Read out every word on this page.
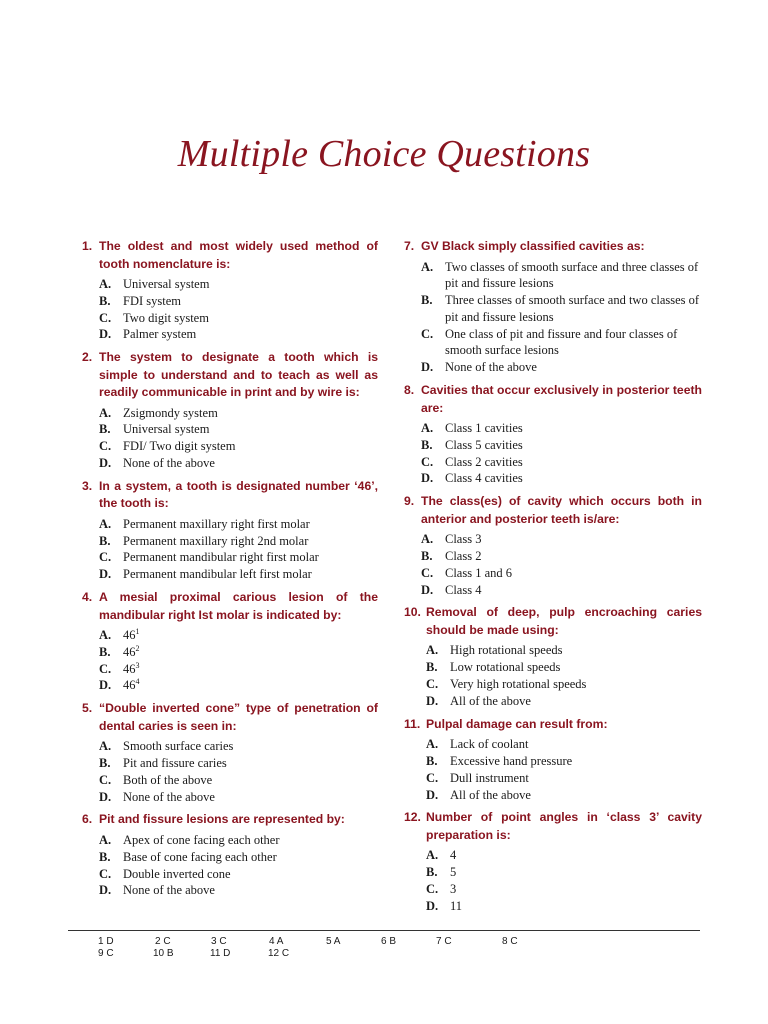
Multiple Choice Questions
1. The oldest and most widely used method of tooth nomenclature is:
A. Universal system
B.	FDI system
C. Two digit system
D. Palmer system
2. The system to designate a tooth which is simple to understand and to teach as well as readily communicable in print and by wire is:
A. Zsigmondy system
B.	Universal system
C. FDI/ Two digit system
D. None of the above
3. In a system, a tooth is designated number ‘46’, the tooth is:
A. Permanent maxillary right first molar
B.	Permanent maxillary right 2nd molar
C. Permanent mandibular right first molar
D. Permanent mandibular left first molar
4. A mesial proximal carious lesion of the mandibular right Ist molar is indicated by:
A. $46^1$
B.	$46^2$
C. $46^3$
D. $46^4$
5. “Double inverted cone” type of penetration of dental caries is seen in:
A. Smooth surface caries
B.	Pit and fissure caries
C. Both of the above
D. None of the above
6. Pit and fissure lesions are represented by:
A. Apex of cone facing each other
B.	Base of cone facing each other
C. Double inverted cone
D. None of the above
7. GV Black simply classified cavities as:
A. Two classes of smooth surface and three classes of pit and fissure lesions
B.	Three classes of smooth surface and two classes of pit and fissure lesions
C. One class of pit and fissure and four classes of smooth surface lesions
D. None of the above
8. Cavities that occur exclusively in posterior teeth are:
A. Class 1 cavities
B.	Class 5 cavities
C. Class 2 cavities
D. Class 4 cavities
9. The class(es) of cavity which occurs both in anterior and posterior teeth is/are:
A. Class 3
B.	Class 2
C. Class 1 and 6
D. Class 4
10. Removal of deep, pulp encroaching caries should be made using:
A. High rotational speeds
B.	Low rotational speeds
C. Very high rotational speeds
D. All of the above
11. Pulpal damage can result from:
A. Lack of coolant
B.	Excessive hand pressure
C. Dull instrument
D. All of the above
12. Number of point angles in ‘class 3’ cavity preparation is:
A. 4
B.	5
C. 3
D. 11
1 D	2 C	3 C	4 A	5 A	6 B	7 C	8 C
9 C	10 B	11 D	12 C
